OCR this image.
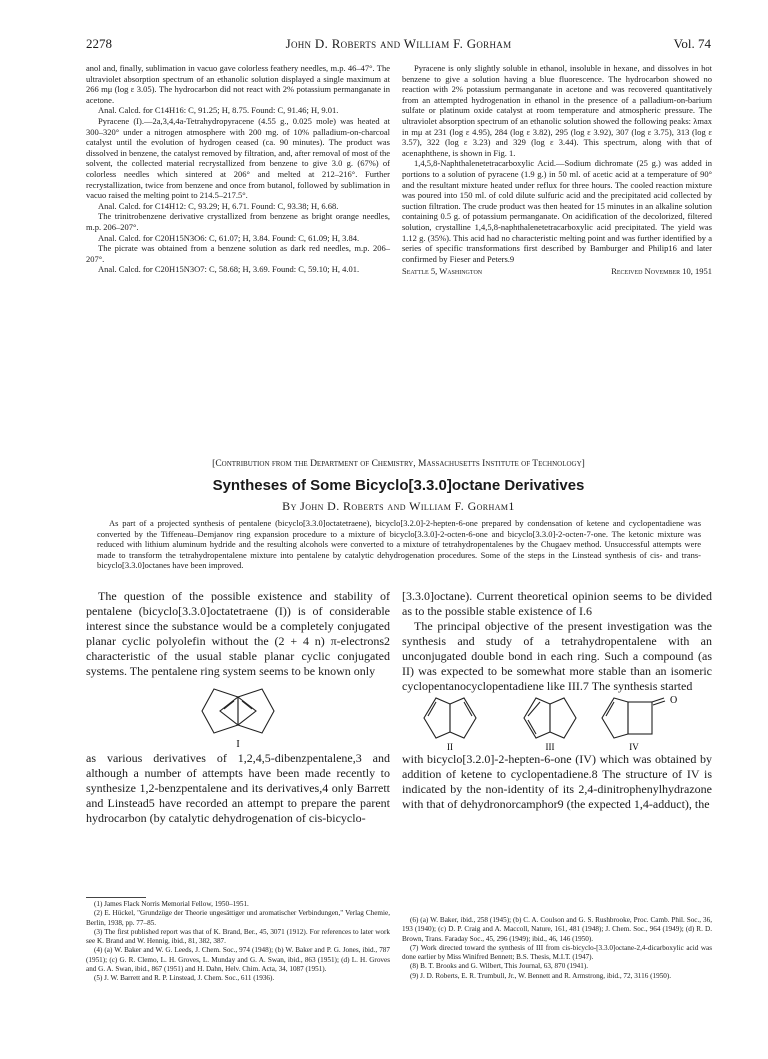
2278	John D. Roberts and William F. Gorham	Vol. 74

anol and, finally, sublimation in vacuo gave colorless feathery needles, m.p. 46–47°. The ultraviolet absorption spectrum of an ethanolic solution displayed a single maximum at 266 mμ (log ε 3.05). The hydrocarbon did not react with 2% potassium permanganate in acetone.

Anal. Calcd. for C14H16: C, 91.25; H, 8.75. Found: C, 91.46; H, 9.01.

Pyracene (I).—2a,3,4,4a-Tetrahydropyracene (4.55 g., 0.025 mole) was heated at 300–320° under a nitrogen atmosphere with 200 mg. of 10% palladium-on-charcoal catalyst until the evolution of hydrogen ceased (ca. 90 minutes). The product was dissolved in benzene, the catalyst removed by filtration, and, after removal of most of the solvent, the collected material recrystallized from benzene to give 3.0 g. (67%) of colorless needles which sintered at 206° and melted at 212–216°. Further recrystallization, twice from benzene and once from butanol, followed by sublimation in vacuo raised the melting point to 214.5–217.5°.

Anal. Calcd. for C14H12: C, 93.29; H, 6.71. Found: C, 93.38; H, 6.68.

The trinitrobenzene derivative crystallized from benzene as bright orange needles, m.p. 206–207°.

Anal. Calcd. for C20H15N3O6: C, 61.07; H, 3.84. Found: C, 61.09; H, 3.84.

The picrate was obtained from a benzene solution as dark red needles, m.p. 206–207°.

Anal. Calcd. for C20H15N3O7: C, 58.68; H, 3.69. Found: C, 59.10; H, 4.01.

Pyracene is only slightly soluble in ethanol, insoluble in hexane, and dissolves in hot benzene to give a solution having a blue fluorescence. The hydrocarbon showed no reaction with 2% potassium permanganate in acetone and was recovered quantitatively from an attempted hydrogenation in ethanol in the presence of a palladium-on-barium sulfate or platinum oxide catalyst at room temperature and atmospheric pressure. The ultraviolet absorption spectrum of an ethanolic solution showed the following peaks: λmax in mμ at 231 (log ε 4.95), 284 (log ε 3.82), 295 (log ε 3.92), 307 (log ε 3.75), 313 (log ε 3.57), 322 (log ε 3.23) and 329 (log ε 3.44). This spectrum, along with that of acenaphthene, is shown in Fig. 1.

1,4,5,8-Naphthalenetetracarboxylic Acid.—Sodium dichromate (25 g.) was added in portions to a solution of pyracene (1.9 g.) in 50 ml. of acetic acid at a temperature of 90° and the resultant mixture heated under reflux for three hours. The cooled reaction mixture was poured into 150 ml. of cold dilute sulfuric acid and the precipitated acid collected by suction filtration. The crude product was then heated for 15 minutes in an alkaline solution containing 0.5 g. of potassium permanganate. On acidification of the decolorized, filtered solution, crystalline 1,4,5,8-naphthalenetetracarboxylic acid precipitated. The yield was 1.12 g. (35%). This acid had no characteristic melting point and was further identified by a series of specific transformations first described by Bamburger and Philip16 and later confirmed by Fieser and Peters.9

Seattle 5, Washington	Received November 10, 1951
[Contribution from the Department of Chemistry, Massachusetts Institute of Technology]
Syntheses of Some Bicyclo[3.3.0]octane Derivatives
By John D. Roberts and William F. Gorham1

As part of a projected synthesis of pentalene (bicyclo[3.3.0]octatetraene), bicyclo[3.2.0]-2-hepten-6-one prepared by condensation of ketene and cyclopentadiene was converted by the Tiffeneau–Demjanov ring expansion procedure to a mixture of bicyclo[3.3.0]-2-octen-6-one and bicyclo[3.3.0]-2-octen-7-one. The ketonic mixture was reduced with lithium aluminum hydride and the resulting alcohols were converted to a mixture of tetrahydropentalenes by the Chugaev method. Unsuccessful attempts were made to transform the tetrahydropentalene mixture into pentalene by catalytic dehydrogenation procedures. Some of the steps in the Linstead synthesis of cis- and trans-bicyclo[3.3.0]octanes have been improved.

The question of the possible existence and stability of pentalene (bicyclo[3.3.0]octatetraene (I)) is of considerable interest since the substance would be a completely conjugated planar cyclic polyolefin without the (2 + 4 n) π-electrons2 characteristic of the usual stable planar cyclic conjugated systems. The pentalene ring system seems to be known only

I

as various derivatives of 1,2,4,5-dibenzpentalene,3 and although a number of attempts have been made recently to synthesize 1,2-benzpentalene and its derivatives,4 only Barrett and Linstead5 have recorded an attempt to prepare the parent hydrocarbon (by catalytic dehydrogenation of cis-bicyclo-

[3.3.0]octane). Current theoretical opinion seems to be divided as to the possible stable existence of I.6

The principal objective of the present investigation was the synthesis and study of a tetrahydropentalene with an unconjugated double bond in each ring. Such a compound (as II) was expected to be somewhat more stable than an isomeric cyclopentanocyclopentadiene like III.7 The synthesis started

O
II	III	IV

with bicyclo[3.2.0]-2-hepten-6-one (IV) which was obtained by addition of ketene to cyclopentadiene.8 The structure of IV is indicated by the non-identity of its 2,4-dinitrophenylhydrazone with that of dehydronorcamphor9 (the expected 1,4-adduct), the

(1) James Flack Norris Memorial Fellow, 1950–1951.

(2) E. Hückel, "Grundzüge der Theorie ungesättiger und aromatischer Verbindungen," Verlag Chemie, Berlin, 1938, pp. 77–85.

(3) The first published report was that of K. Brand, Ber., 45, 3071 (1912). For references to later work see K. Brand and W. Hennig, ibid., 81, 382, 387.

(4) (a) W. Baker and W. G. Leeds, J. Chem. Soc., 974 (1948); (b) W. Baker and P. G. Jones, ibid., 787 (1951); (c) G. R. Clemo, L. H. Groves, L. Munday and G. A. Swan, ibid., 863 (1951); (d) L. H. Groves and G. A. Swan, ibid., 867 (1951) and H. Dahn, Helv. Chim. Acta, 34, 1087 (1951).

(5) J. W. Barrett and R. P. Linstead, J. Chem. Soc., 611 (1936).

(6) (a) W. Baker, ibid., 258 (1945); (b) C. A. Coulson and G. S. Rushbrooke, Proc. Camb. Phil. Soc., 36, 193 (1940); (c) D. P. Craig and A. Maccoll, Nature, 161, 481 (1948); J. Chem. Soc., 964 (1949); (d) R. D. Brown, Trans. Faraday Soc., 45, 296 (1949); ibid., 46, 146 (1950).

(7) Work directed toward the synthesis of III from cis-bicyclo-[3.3.0]octane-2,4-dicarboxylic acid was done earlier by Miss Winifred Bennett; B.S. Thesis, M.I.T. (1947).

(8) B. T. Brooks and G. Wilbert, This Journal, 63, 870 (1941).

(9) J. D. Roberts, E. R. Trumbull, Jr., W. Bennett and R. Armstrong, ibid., 72, 3116 (1950).
